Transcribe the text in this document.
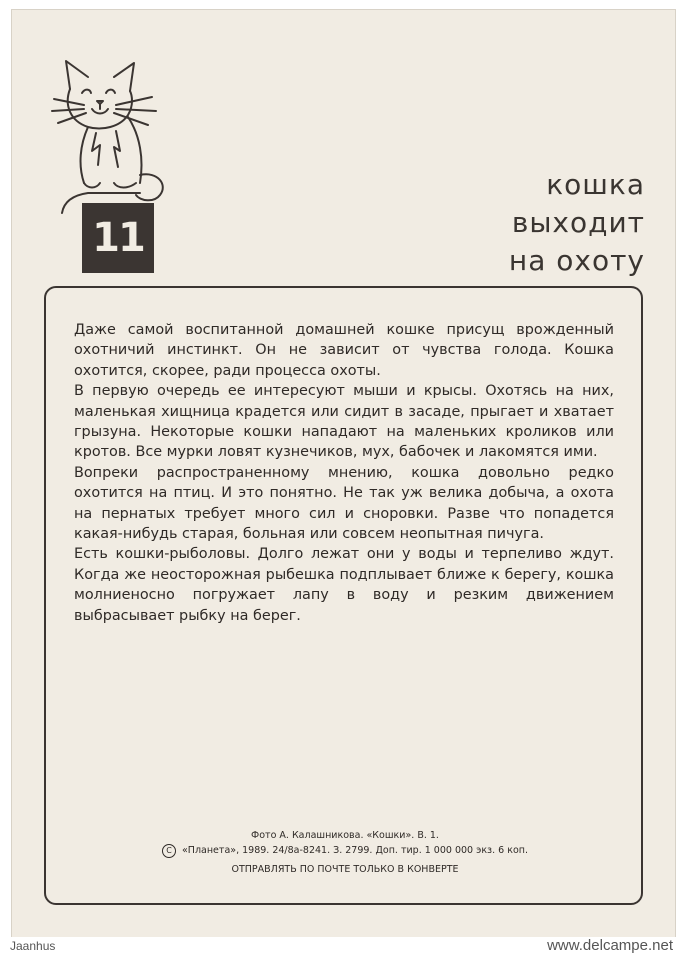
11
кошка
выходит
на охоту

Даже самой воспитанной домашней кошке присущ врожденный охотничий инстинкт. Он не зависит от чувства голода. Кошка охотится, скорее, ради процесса охоты.

В первую очередь ее интересуют мыши и крысы. Охотясь на них, маленькая хищница крадется или сидит в засаде, прыгает и хватает грызуна. Некоторые кошки нападают на маленьких кроликов или кротов. Все мурки ловят кузнечиков, мух, бабочек и лакомятся ими.

Вопреки распространенному мнению, кошка довольно редко охотится на птиц. И это понятно. Не так уж велика добыча, а охота на пернатых требует много сил и сноровки. Разве что попадется какая-нибудь старая, больная или совсем неопытная пичуга.

Есть кошки-рыболовы. Долго лежат они у воды и терпеливо ждут. Когда же неосторожная рыбешка подплывает ближе к берегу, кошка молниеносно погружает лапу в воду и резким движением выбрасывает рыбку на берег.

Фото А. Калашникова. «Кошки». В. 1.
C «Планета», 1989. 24/8а-8241. З. 2799. Доп. тир. 1 000 000 экз. 6 коп.
ОТПРАВЛЯТЬ ПО ПОЧТЕ ТОЛЬКО В КОНВЕРТЕ
Jaanhus	www.delcampe.net
